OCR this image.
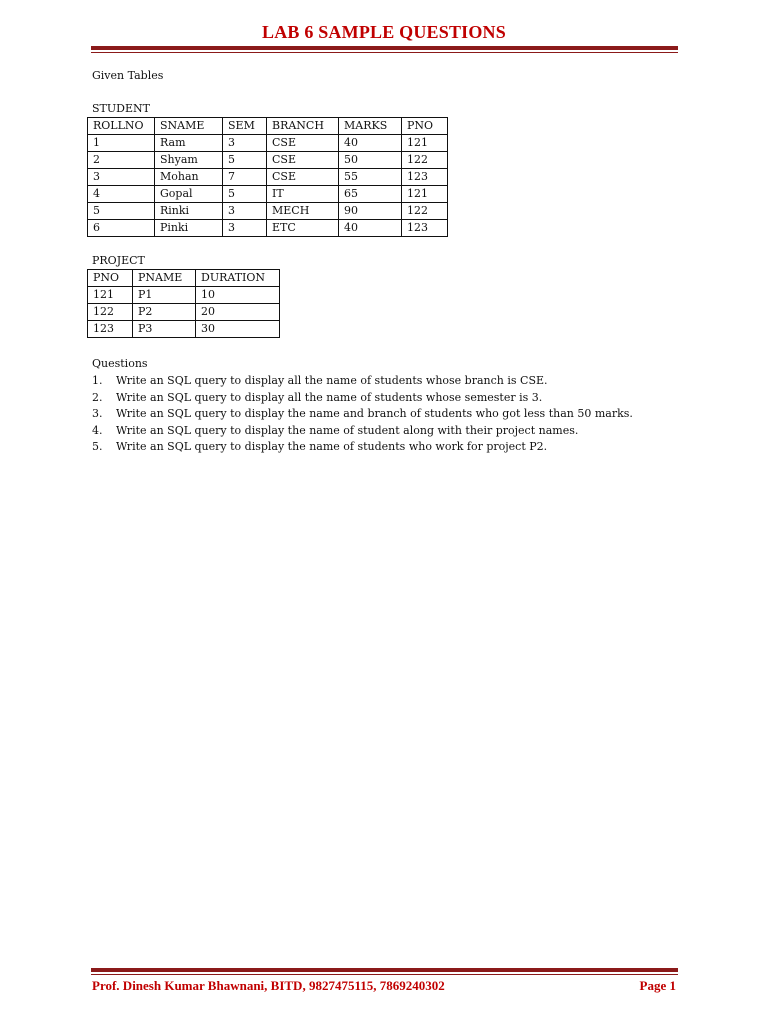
LAB 6 SAMPLE QUESTIONS
Given Tables
STUDENT
ROLLNO	SNAME	SEM	BRANCH	MARKS	PNO
1	Ram	3	CSE	40	121
2	Shyam	5	CSE	50	122
3	Mohan	7	CSE	55	123
4	Gopal	5	IT	65	121
5	Rinki	3	MECH	90	122
6	Pinki	3	ETC	40	123
PROJECT
PNO	PNAME	DURATION
121	P1	10
122	P2	20
123	P3	30
Questions
1.	Write an SQL query to display all the name of students whose branch is CSE.
2.	Write an SQL query to display all the name of students whose semester is 3.
3.	Write an SQL query to display the name and branch of students who got less than 50 marks.
4.	Write an SQL query to display the name of student along with their project names.
5.	Write an SQL query to display the name of students who work for project P2.
Prof. Dinesh Kumar Bhawnani, BITD, 9827475115, 7869240302	Page 1
